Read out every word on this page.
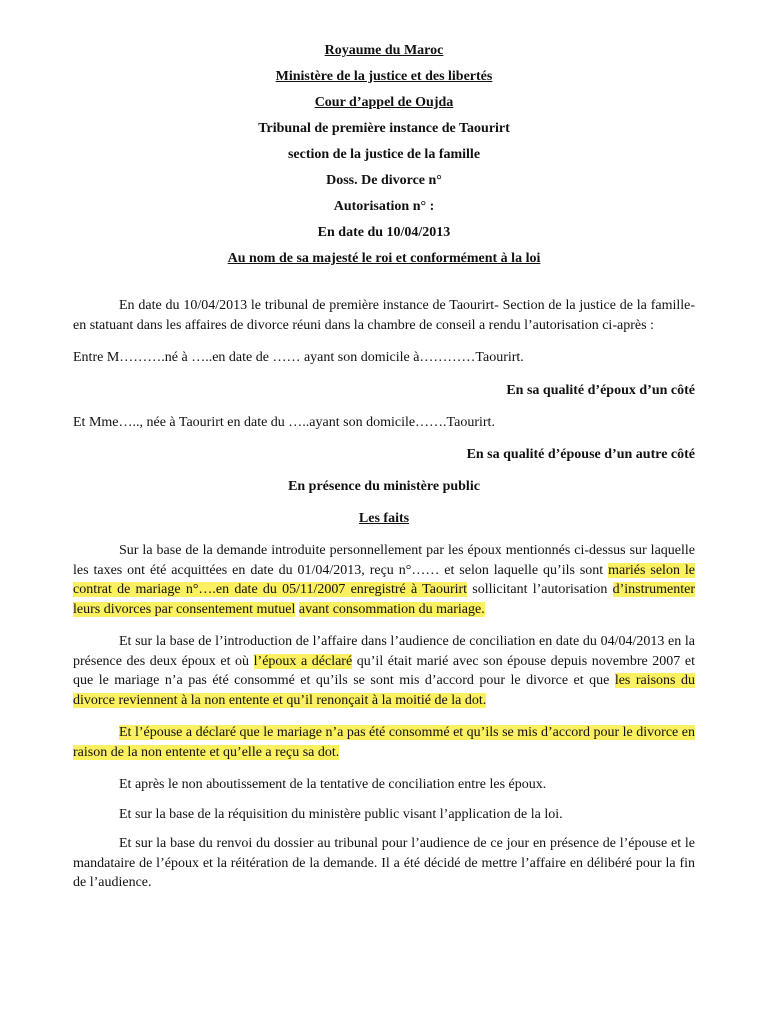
Royaume du Maroc
Ministère de la justice et des libertés
Cour d’appel de Oujda
Tribunal de première instance de Taourirt
section de la justice de la famille
Doss. De divorce n°
Autorisation n° :
En date du 10/04/2013
Au nom de sa majesté le roi et conformément à la loi

En date du 10/04/2013 le tribunal de première instance de Taourirt- Section de la justice de la famille- en statuant dans les affaires de divorce réuni dans la chambre de conseil a rendu l’autorisation ci-après :

Entre M……….né à …..en date de …… ayant son domicile à…………Taourirt.

En sa qualité d’époux d’un côté

Et Mme….., née à Taourirt en date du …..ayant son domicile…….Taourirt.

En sa qualité d’épouse d’un autre côté

En présence du ministère public

Les faits

Sur la base de la demande introduite personnellement par les époux mentionnés ci-dessus sur laquelle les taxes ont été acquittées en date du 01/04/2013, reçu n°…… et selon laquelle qu’ils sont mariés selon le contrat de mariage n°….en date du 05/11/2007 enregistré à Taourirt sollicitant l’autorisation d’instrumenter leurs divorces par consentement mutuel avant consommation du mariage.

Et sur la base de l’introduction de l’affaire dans l’audience de conciliation en date du 04/04/2013 en la présence des deux époux et où l’époux a déclaré qu’il était marié avec son épouse depuis novembre 2007 et que le mariage n’a pas été consommé et qu’ils se sont mis d’accord pour le divorce et que les raisons du divorce reviennent à la non entente et qu’il renonçait à la moitié de la dot.

Et l’épouse a déclaré que le mariage n’a pas été consommé et qu’ils se mis d’accord pour le divorce en raison de la non entente et qu’elle a reçu sa dot.

Et après le non aboutissement de la tentative de conciliation entre les époux.

Et sur la base de la réquisition du ministère public visant l’application de la loi.

Et sur la base du renvoi du dossier au tribunal pour l’audience de ce jour en présence de l’épouse et le mandataire de l’époux et la réitération de la demande. Il a été décidé de mettre l’affaire en délibéré pour la fin de l’audience.
